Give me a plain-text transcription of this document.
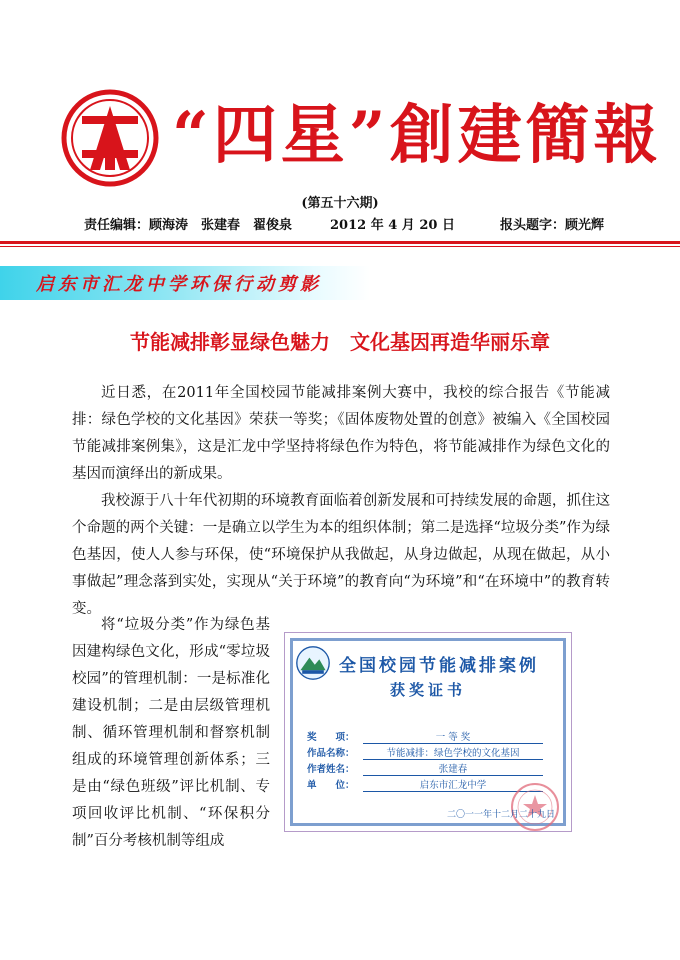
“四星”創建簡報
(第五十六期)
责任编辑：顾海涛　张建春　翟俊泉	2012 年 4 月 20 日	报头题字：顾光辉
启东市汇龙中学环保行动剪影
节能减排彰显绿色魅力　文化基因再造华丽乐章
近日悉，在2011年全国校园节能减排案例大赛中，我校的综合报告《节能减排：绿色学校的文化基因》荣获一等奖；《固体废物处置的创意》被编入《全国校园节能减排案例集》，这是汇龙中学坚持将绿色作为特色，将节能减排作为绿色文化的基因而演绎出的新成果。
我校源于八十年代初期的环境教育面临着创新发展和可持续发展的命题，抓住这个命题的两个关键：一是确立以学生为本的组织体制；第二是选择“垃圾分类”作为绿色基因，使人人参与环保，使“环境保护从我做起，从身边做起，从现在做起，从小事做起”理念落到实处，实现从“关于环境”的教育向“为环境”和“在环境中”的教育转变。
将“垃圾分类”作为绿色基因建构绿色文化，形成“零垃圾校园”的管理机制：一是标准化建设机制；二是由层级管理机制、循环管理机制和督察机制组成的环境管理创新体系；三是由“绿色班级”评比机制、专项回收评比机制、“环保积分制”百分考核机制等组成
全国校园节能减排案例
获奖证书
奖　　项：	一 等 奖
作品名称：	节能减排：绿色学校的文化基因
作者姓名：	张建春
单　　位：	启东市汇龙中学
二〇一一年十二月二十九日
